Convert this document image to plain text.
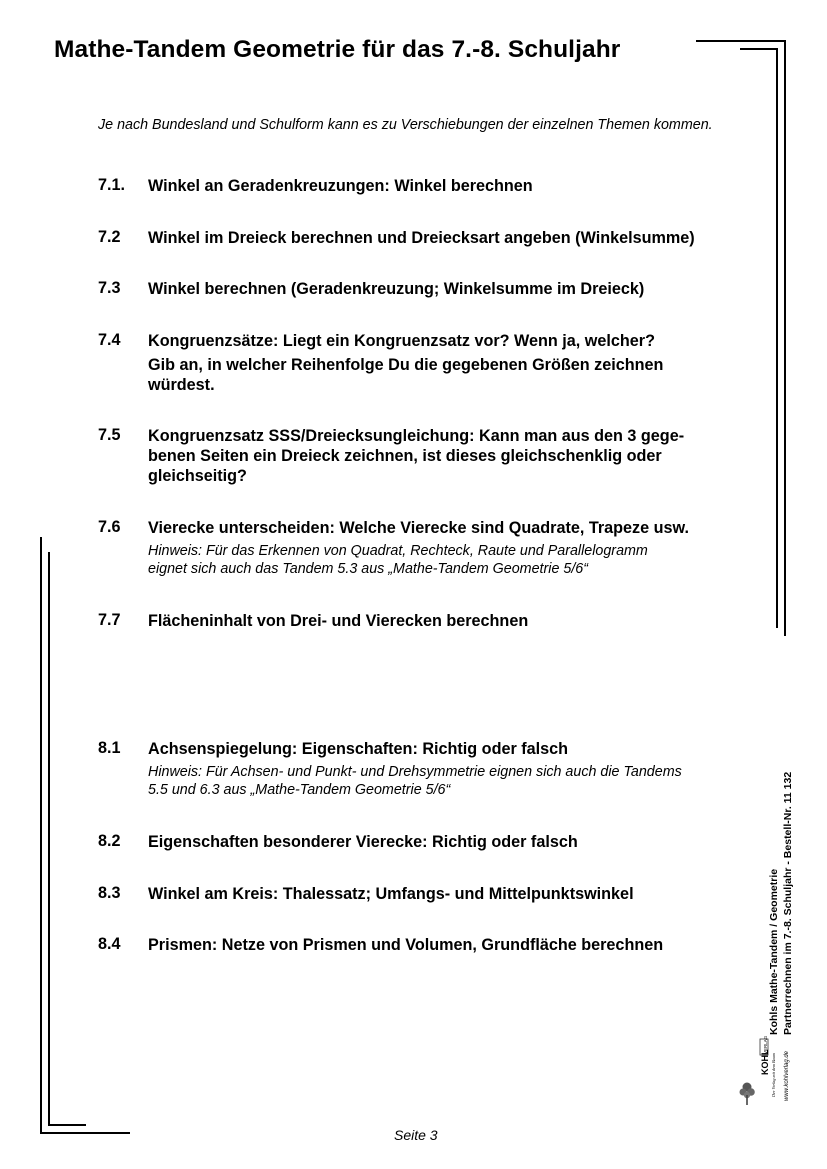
Mathe-Tandem Geometrie für das 7.-8. Schuljahr
Je nach Bundesland und Schulform kann es zu Verschiebungen der einzelnen Themen kommen.
7.1. Winkel an Geradenkreuzungen: Winkel berechnen
7.2 Winkel im Dreieck berechnen und Dreiecksart angeben (Winkelsumme)
7.3 Winkel berechnen (Geradenkreuzung; Winkelsumme im Dreieck)
7.4 Kongruenzsätze: Liegt ein Kongruenzsatz vor? Wenn ja, welcher?
Gib an, in welcher Reihenfolge Du die gegebenen Größen zeichnen
würdest.
7.5 Kongruenzsatz SSS/Dreiecksungleichung: Kann man aus den 3 gege-
benen Seiten ein Dreieck zeichnen, ist dieses gleichschenklig oder
gleichseitig?
7.6 Vierecke unterscheiden: Welche Vierecke sind Quadrate, Trapeze usw.
Hinweis: Für das Erkennen von Quadrat, Rechteck, Raute und Parallelogramm
eignet sich auch das Tandem 5.3 aus „Mathe-Tandem Geometrie 5/6“
7.7 Flächeninhalt von Drei- und Vierecken berechnen
8.1 Achsenspiegelung: Eigenschaften: Richtig oder falsch
Hinweis: Für Achsen- und Punkt- und Drehsymmetrie eignen sich auch die Tandems
5.5 und 6.3 aus „Mathe-Tandem Geometrie 5/6“
8.2 Eigenschaften besonderer Vierecke: Richtig oder falsch
8.3 Winkel am Kreis: Thalessatz; Umfangs- und Mittelpunktswinkel
8.4 Prismen: Netze von Prismen und Volumen, Grundfläche berechnen	Kohls Mathe-Tandem / Geometrie Partnerrechnen im 7.-8. Schuljahr - Bestell-Nr. 11 132
KOHL
VERLAG
Der Verlag mit dem Baum www.kohlverlag.de
Seite 3
